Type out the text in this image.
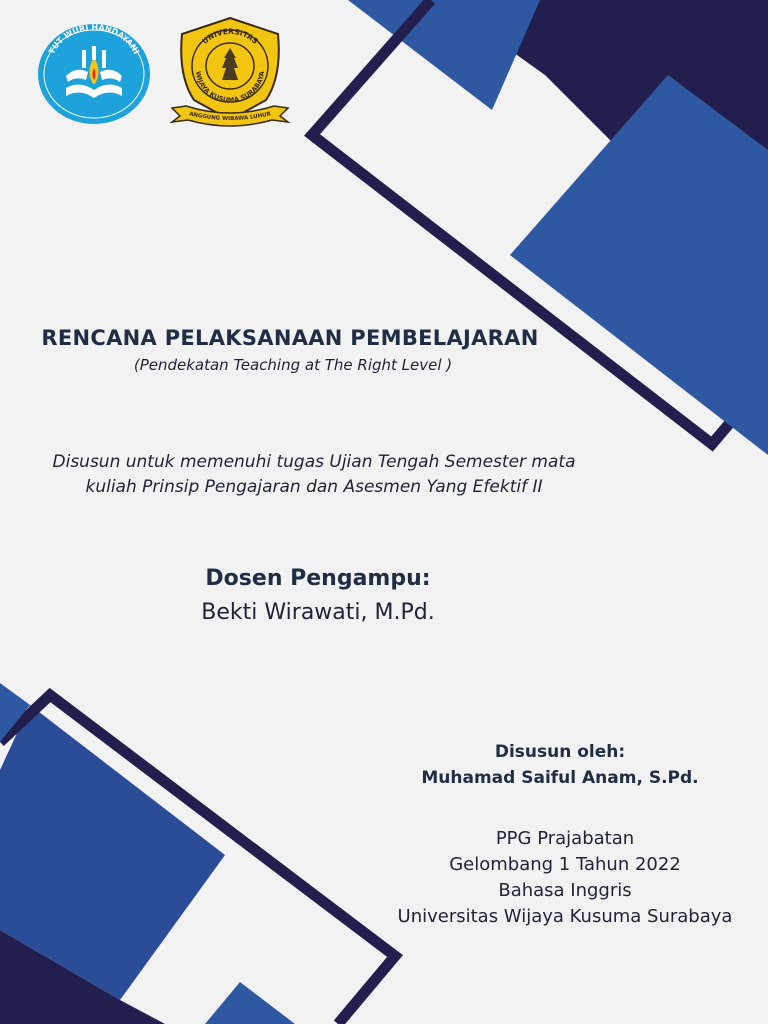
TUT WURI HANDAYANI
UNIVERSITAS
WIJAYA KUSUMA SURABAYA
ANGGUNG WIBAWA LUHUR
RENCANA PELAKSANAAN PEMBELAJARAN
(Pendekatan Teaching at The Right Level )
Disusun untuk memenuhi tugas Ujian Tengah Semester mata
kuliah Prinsip Pengajaran dan Asesmen Yang Efektif II
Dosen Pengampu:
Bekti Wirawati, M.Pd.
Disusun oleh:
Muhamad Saiful Anam, S.Pd.
PPG Prajabatan
Gelombang 1 Tahun 2022
Bahasa Inggris
Universitas Wijaya Kusuma Surabaya
